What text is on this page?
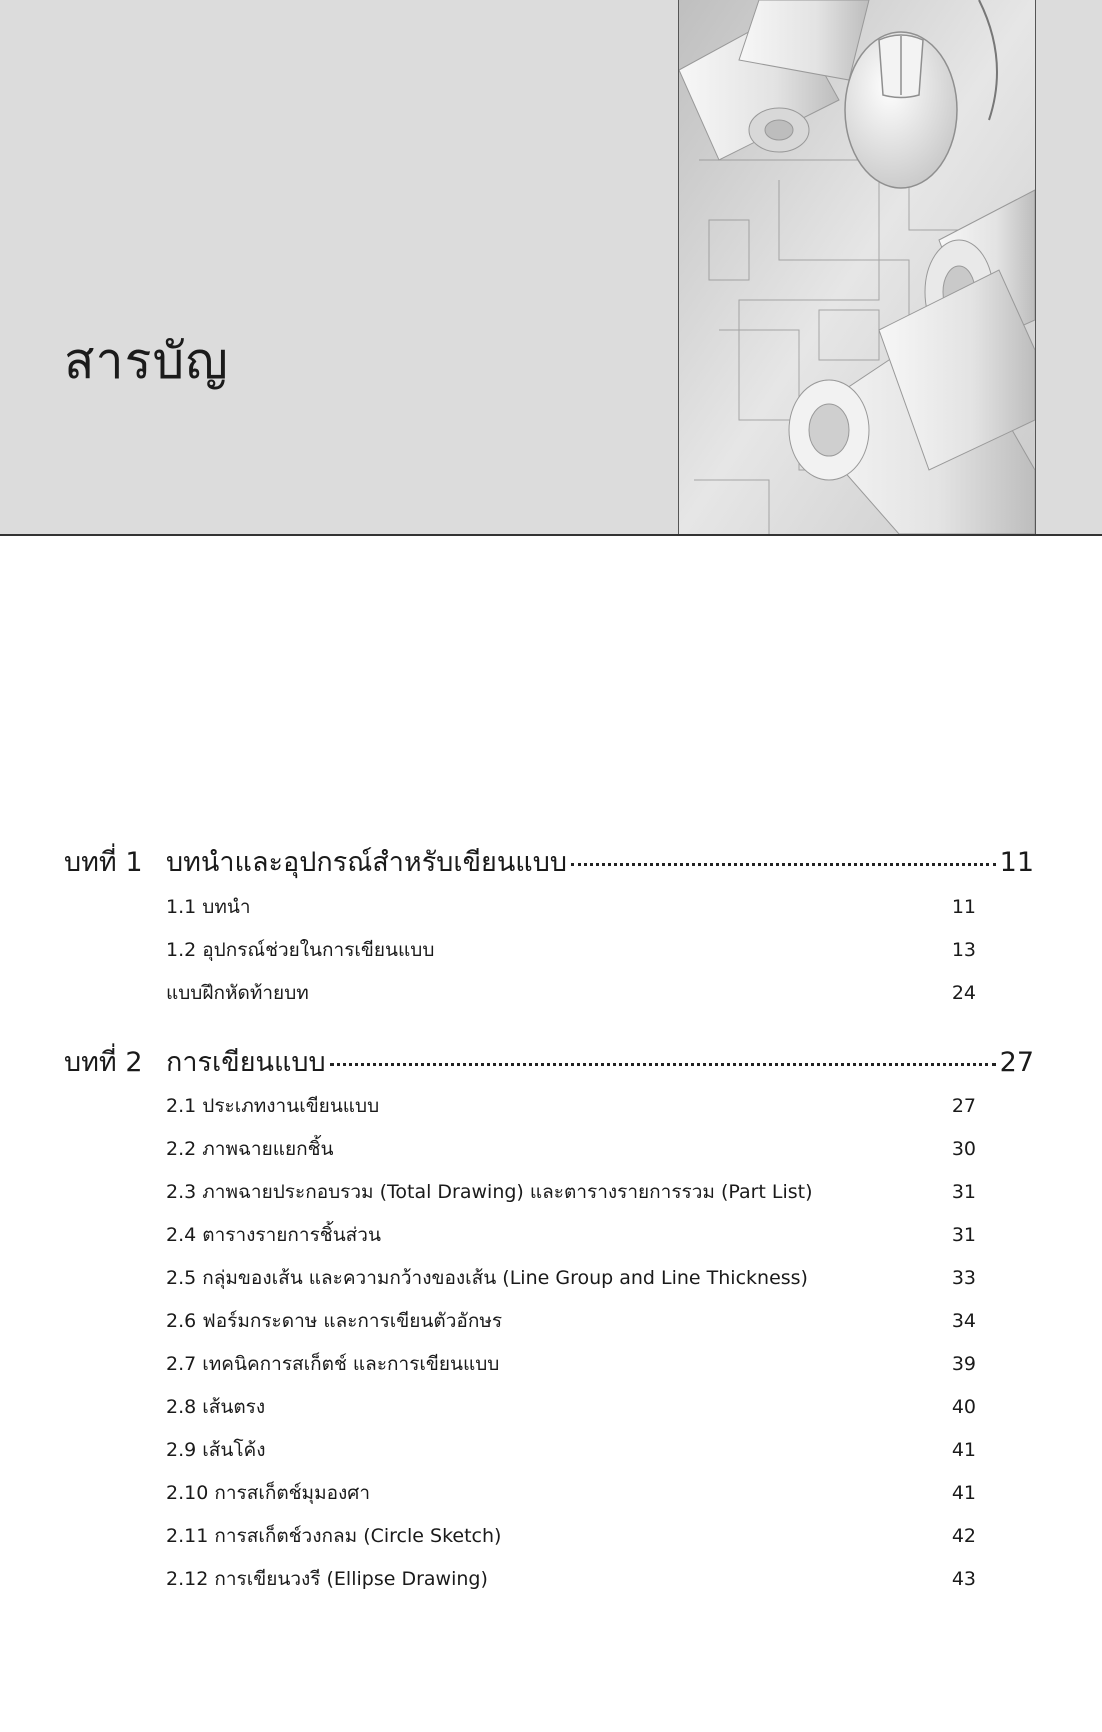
สารบัญ
บทที่ 1 บทนำและอุปกรณ์สำหรับเขียนแบบ	11
1.1 บทนำ	11
1.2 อุปกรณ์ช่วยในการเขียนแบบ	13
แบบฝึกหัดท้ายบท	24
บทที่ 2 การเขียนแบบ	27
2.1 ประเภทงานเขียนแบบ	27
2.2 ภาพฉายแยกชิ้น	30
2.3 ภาพฉายประกอบรวม (Total Drawing) และตารางรายการรวม (Part List)	31
2.4 ตารางรายการชิ้นส่วน	31
2.5 กลุ่มของเส้น และความกว้างของเส้น (Line Group and Line Thickness)	33
2.6 ฟอร์มกระดาษ และการเขียนตัวอักษร	34
2.7 เทคนิคการสเก็ตช์ และการเขียนแบบ	39
2.8 เส้นตรง	40
2.9 เส้นโค้ง	41
2.10 การสเก็ตช์มุมองศา	41
2.11 การสเก็ตช์วงกลม (Circle Sketch)	42
2.12 การเขียนวงรี (Ellipse Drawing)	43
